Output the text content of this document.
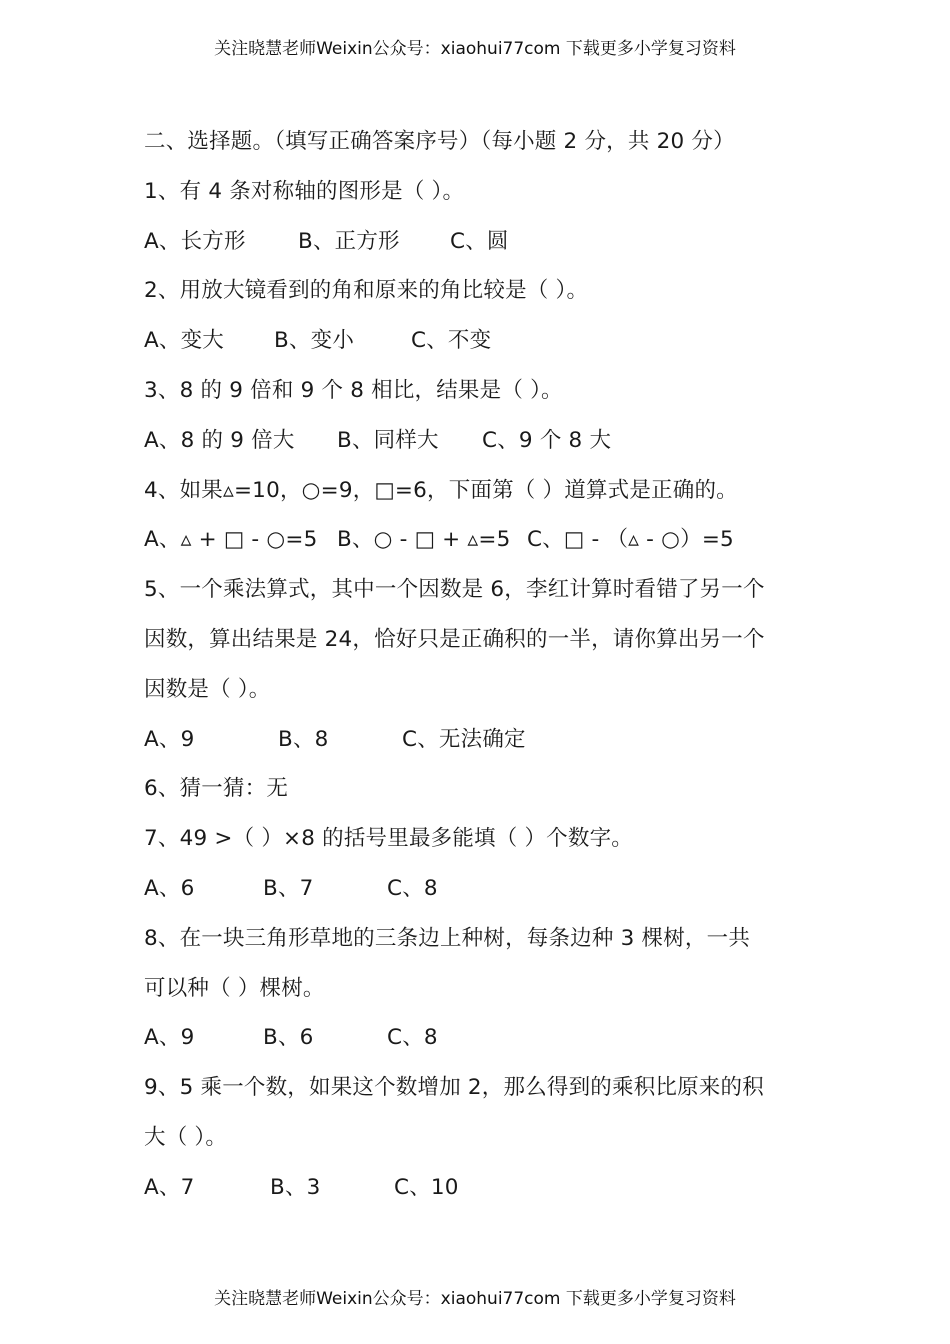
关注晓慧老师Weixin公众号：xiaohui77com 下载更多小学复习资料
二、选择题。（填写正确答案序号）（每小题 2 分，共 20 分）
1、有 4 条对称轴的图形是（ ）。
A、长方形	B、正方形	C、圆
2、用放大镜看到的角和原来的角比较是（ ）。
A、变大	B、变小	C、不变
3、8 的 9 倍和 9 个 8 相比，结果是（ ）。
A、8 的 9 倍大	B、同样大	C、9 个 8 大
4、如果▵=10，○=9，□=6，下面第（ ）道算式是正确的。
A、▵ + □ - ○=5 B、○ - □ + ▵=5 C、□ - （▵ - ○）=5
5、一个乘法算式，其中一个因数是 6，李红计算时看错了另一个
因数，算出结果是 24，恰好只是正确积的一半，请你算出另一个
因数是（ ）。
A、9	B、8	C、无法确定
6、猜一猜：无
7、49 >（ ）×8 的括号里最多能填（ ）个数字。
A、6	B、7	C、8
8、在一块三角形草地的三条边上种树，每条边种 3 棵树，一共
可以种（ ）棵树。
A、9	B、6	C、8
9、5 乘一个数，如果这个数增加 2，那么得到的乘积比原来的积
大（ ）。
A、7	B、3	C、10
关注晓慧老师Weixin公众号：xiaohui77com 下载更多小学复习资料
